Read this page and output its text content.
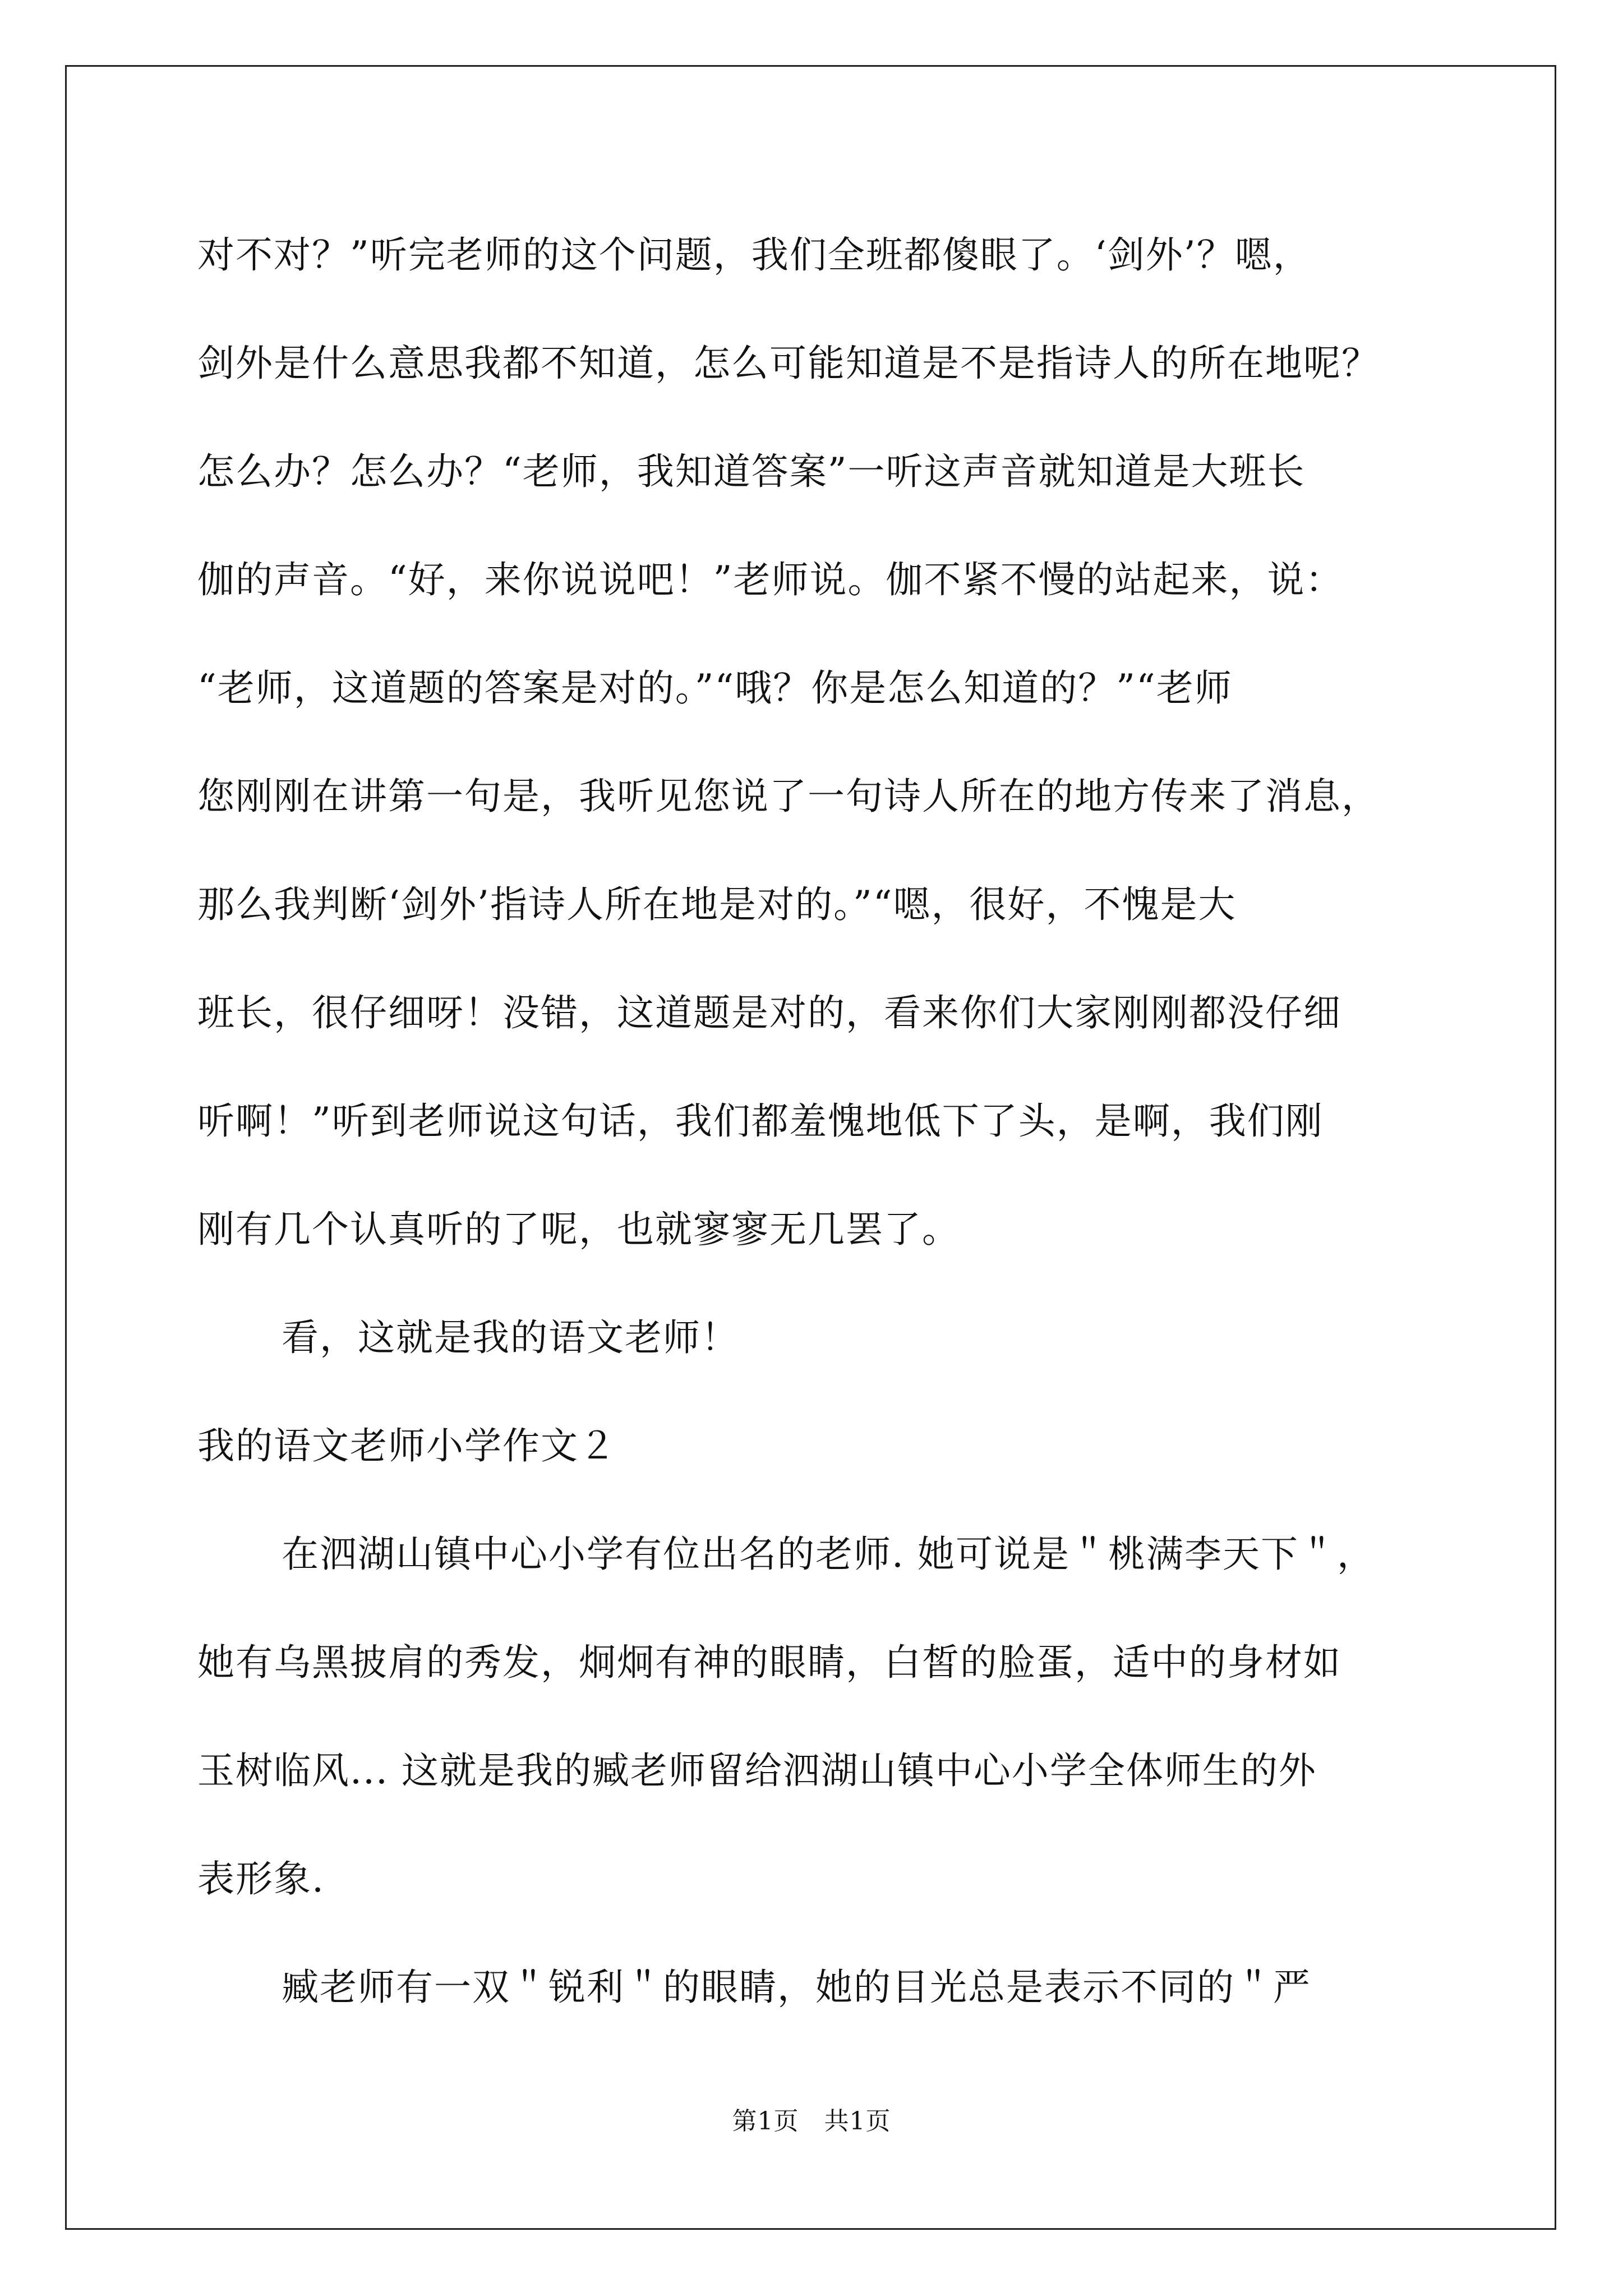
对不对？”听完老师的这个问题，我们全班都傻眼了。‘剑外’？嗯，
剑外是什么意思我都不知道，怎么可能知道是不是指诗人的所在地呢？
怎么办？怎么办？“老师，我知道答案”一听这声音就知道是大班长
伽的声音。“好，来你说说吧！”老师说。伽不紧不慢的站起来，说：
“老师，这道题的答案是对的。”“哦？你是怎么知道的？”“老师
您刚刚在讲第一句是，我听见您说了一句诗人所在的地方传来了消息，
那么我判断‘剑外’指诗人所在地是对的。”“嗯，很好，不愧是大
班长，很仔细呀！没错，这道题是对的，看来你们大家刚刚都没仔细
听啊！”听到老师说这句话，我们都羞愧地低下了头，是啊，我们刚
刚有几个认真听的了呢，也就寥寥无几罢了。
看，这就是我的语文老师！
我的语文老师小学作文２
在泗湖山镇中心小学有位出名的老师. 她可说是＂桃满李天下＂，
她有乌黑披肩的秀发，炯炯有神的眼睛，白皙的脸蛋，适中的身材如
玉树临风... 这就是我的臧老师留给泗湖山镇中心小学全体师生的外
表形象.
臧老师有一双＂锐利＂的眼睛，她的目光总是表示不同的＂严
第1页　共1页
